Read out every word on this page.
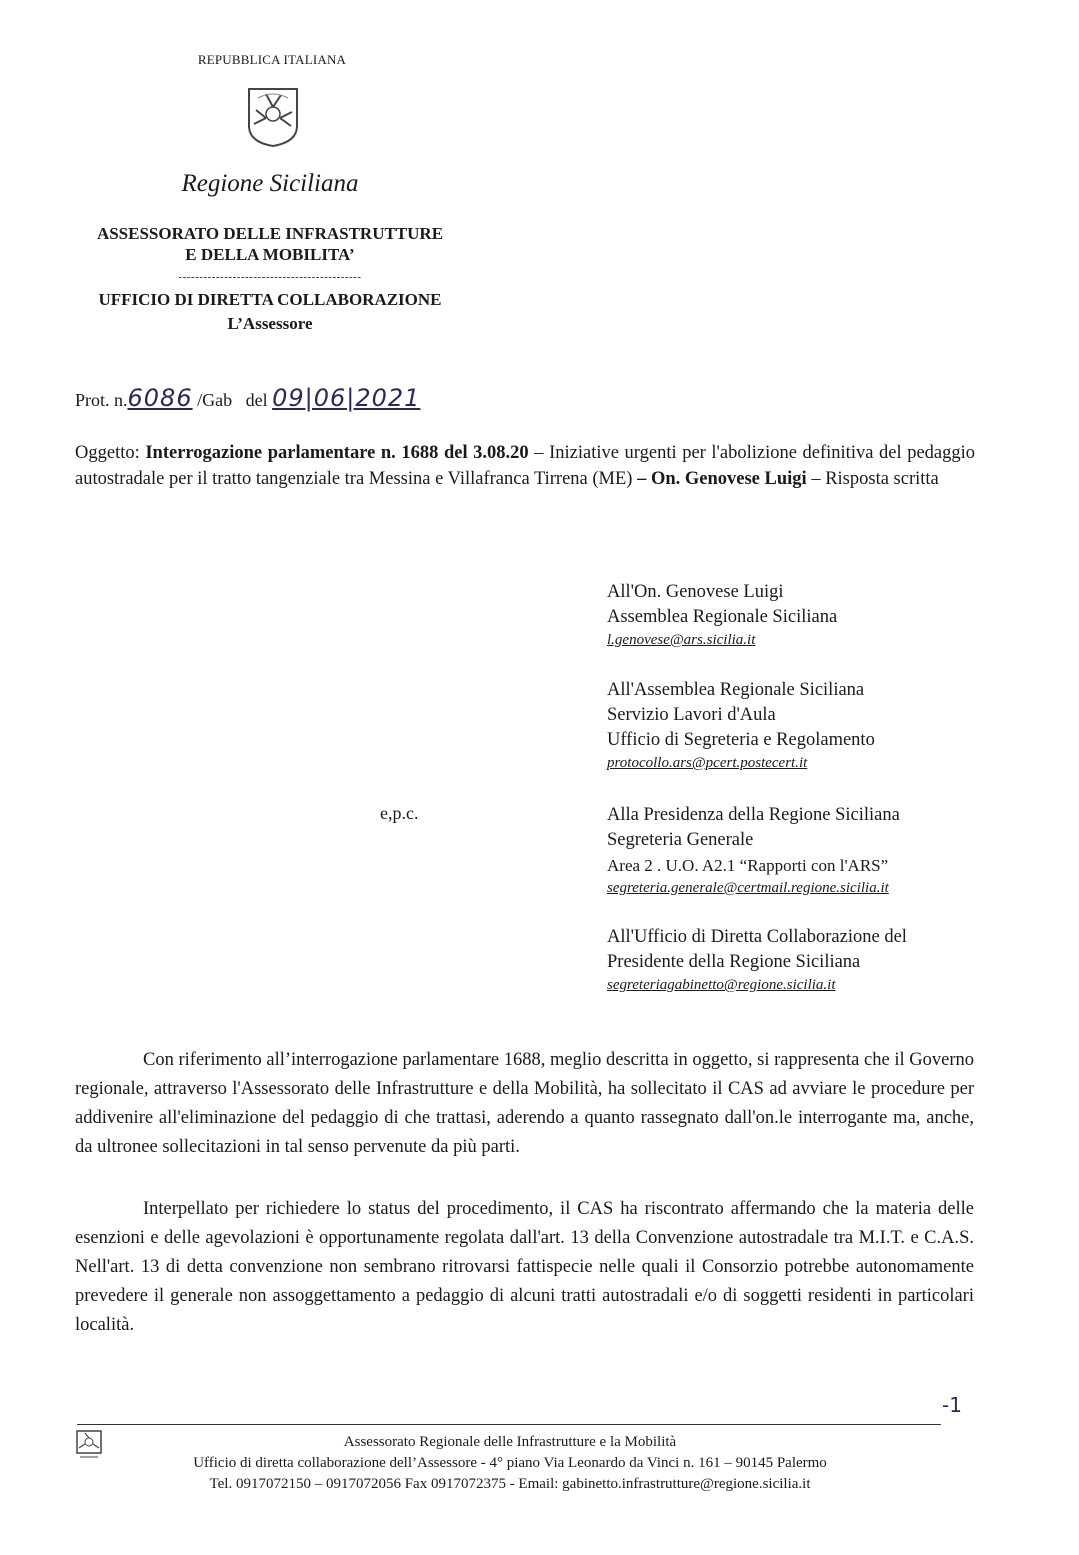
REPUBBLICA ITALIANA
Regione Siciliana
ASSESSORATO DELLE INFRASTRUTTURE
E DELLA MOBILITA’
--------------------------------------------
UFFICIO DI DIRETTA COLLABORAZIONE
L’Assessore
Prot. n.6086 /Gab del 09|06|2021
Oggetto: Interrogazione parlamentare n. 1688 del 3.08.20 – Iniziative urgenti per l'abolizione definitiva del pedaggio autostradale per il tratto tangenziale tra Messina e Villafranca Tirrena (ME) – On. Genovese Luigi – Risposta scritta
All'On. Genovese Luigi
Assemblea Regionale Siciliana
l.genovese@ars.sicilia.it
All'Assemblea Regionale Siciliana
Servizio Lavori d'Aula
Ufficio di Segreteria e Regolamento
protocollo.ars@pcert.postecert.it
e,p.c.	Alla Presidenza della Regione Siciliana
Segreteria Generale
Area 2 . U.O. A2.1 “Rapporti con l'ARS”
segreteria.generale@certmail.regione.sicilia.it
All'Ufficio di Diretta Collaborazione del
Presidente della Regione Siciliana
segreteriagabinetto@regione.sicilia.it
Con riferimento all’interrogazione parlamentare 1688, meglio descritta in oggetto, si rappresenta che il Governo regionale, attraverso l'Assessorato delle Infrastrutture e della Mobilità, ha sollecitato il CAS ad avviare le procedure per addivenire all'eliminazione del pedaggio di che trattasi, aderendo a quanto rassegnato dall'on.le interrogante ma, anche, da ultronee sollecitazioni in tal senso pervenute da più parti.
Interpellato per richiedere lo status del procedimento, il CAS ha riscontrato affermando che la materia delle esenzioni e delle agevolazioni è opportunamente regolata dall'art. 13 della Convenzione autostradale tra M.I.T. e C.A.S. Nell'art. 13 di detta convenzione non sembrano ritrovarsi fattispecie nelle quali il Consorzio potrebbe autonomamente prevedere il generale non assoggettamento a pedaggio di alcuni tratti autostradali e/o di soggetti residenti in particolari località.
-1
Assessorato Regionale delle Infrastrutture e la Mobilità
Ufficio di diretta collaborazione dell’Assessore - 4° piano Via Leonardo da Vinci n. 161 – 90145 Palermo
Tel. 0917072150 – 0917072056 Fax 0917072375 - Email: gabinetto.infrastrutture@regione.sicilia.it
